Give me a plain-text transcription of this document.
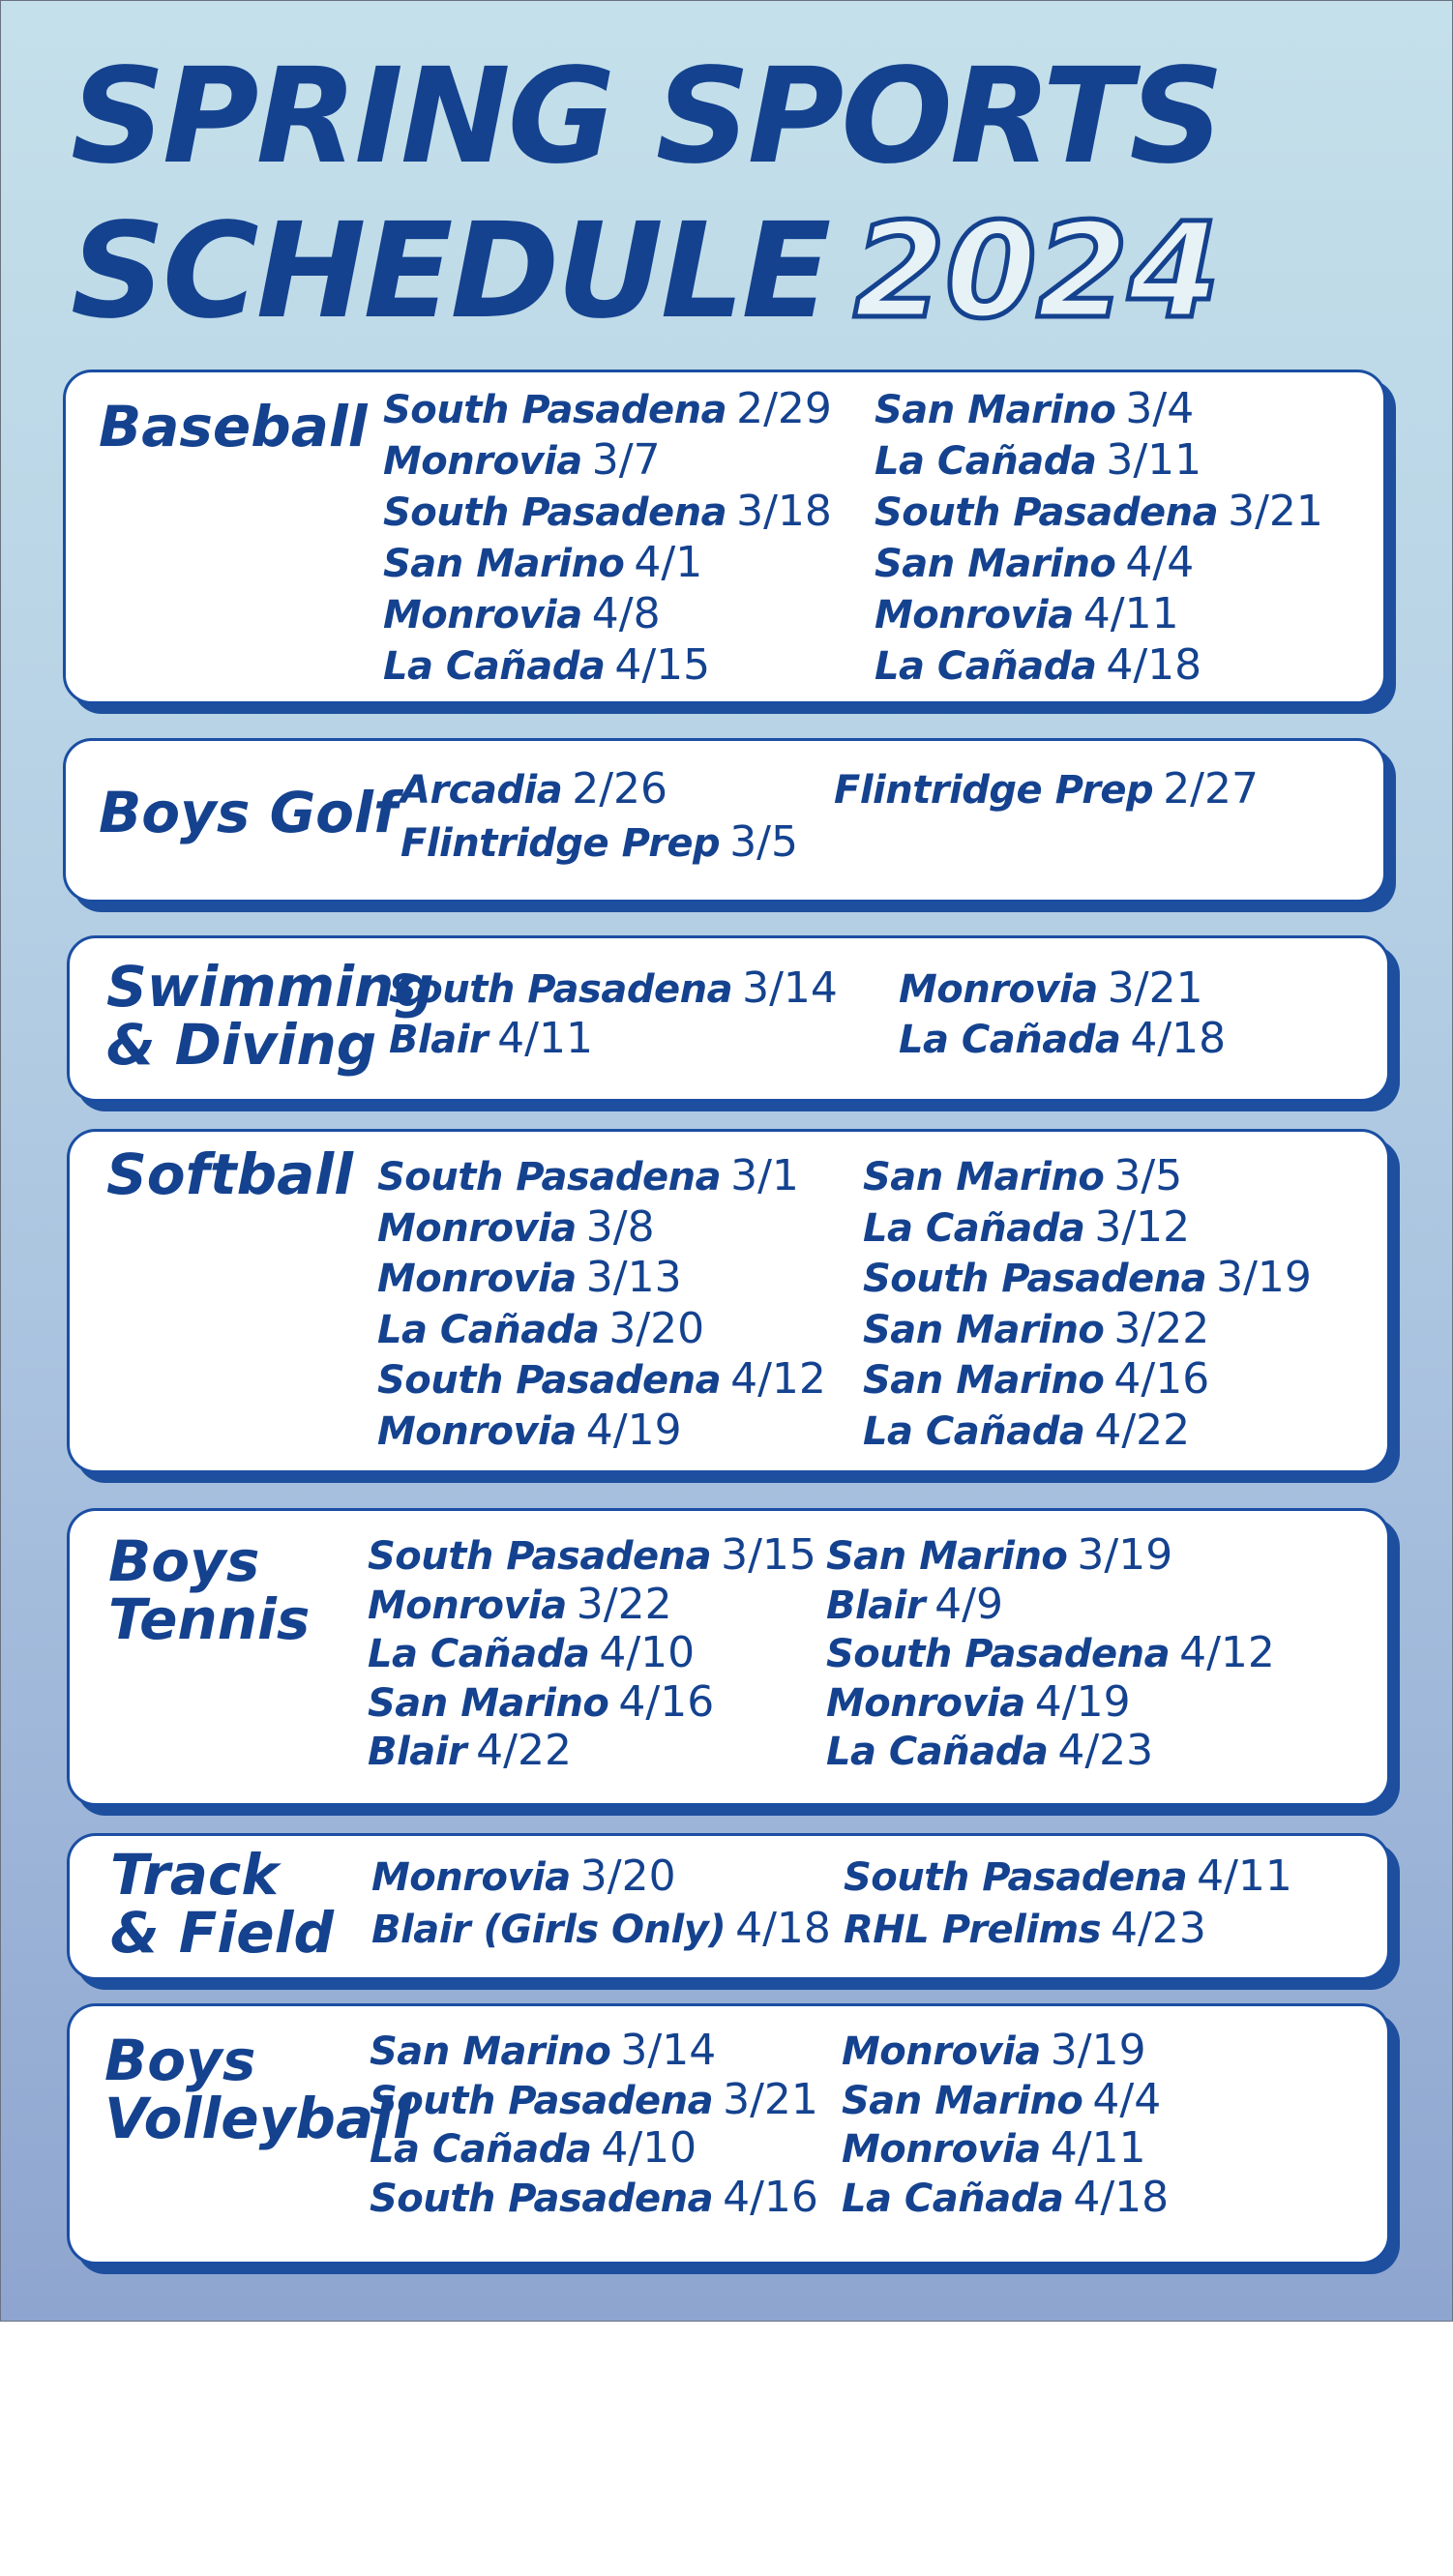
SPRING SPORTS
SCHEDULE 2024
Baseball South Pasadena 2/29 San Marino 3/4
Monrovia 3/7	La Cañada 3/11
South Pasadena 3/18 South Pasadena 3/21
San Marino 4/1	San Marino 4/4
Monrovia 4/8	Monrovia 4/11
La Cañada 4/15	La Cañada 4/18
Boys Golf Arcadia 2/26	Flintridge Prep 2/27
Flintridge Prep 3/5
Swimming
& Diving
South Pasadena 3/14 Monrovia 3/21
Blair 4/11	La Cañada 4/18
Softball South Pasadena 3/1 San Marino 3/5
Monrovia 3/8	La Cañada 3/12
Monrovia 3/13	South Pasadena 3/19
La Cañada 3/20	San Marino 3/22
South Pasadena 4/12 San Marino 4/16
Monrovia 4/19	La Cañada 4/22
Boys
Tennis
South Pasadena 3/15 San Marino 3/19
Monrovia 3/22	Blair 4/9
La Cañada 4/10	South Pasadena 4/12
San Marino 4/16	Monrovia 4/19
Blair 4/22	La Cañada 4/23
Track
& Field
Monrovia 3/20	South Pasadena 4/11
Blair (Girls Only) 4/18 RHL Prelims 4/23
Boys
Volleyball
San Marino 3/14	Monrovia 3/19
South Pasadena 3/21 San Marino 4/4
La Cañada 4/10	Monrovia 4/11
South Pasadena 4/16 La Cañada 4/18
